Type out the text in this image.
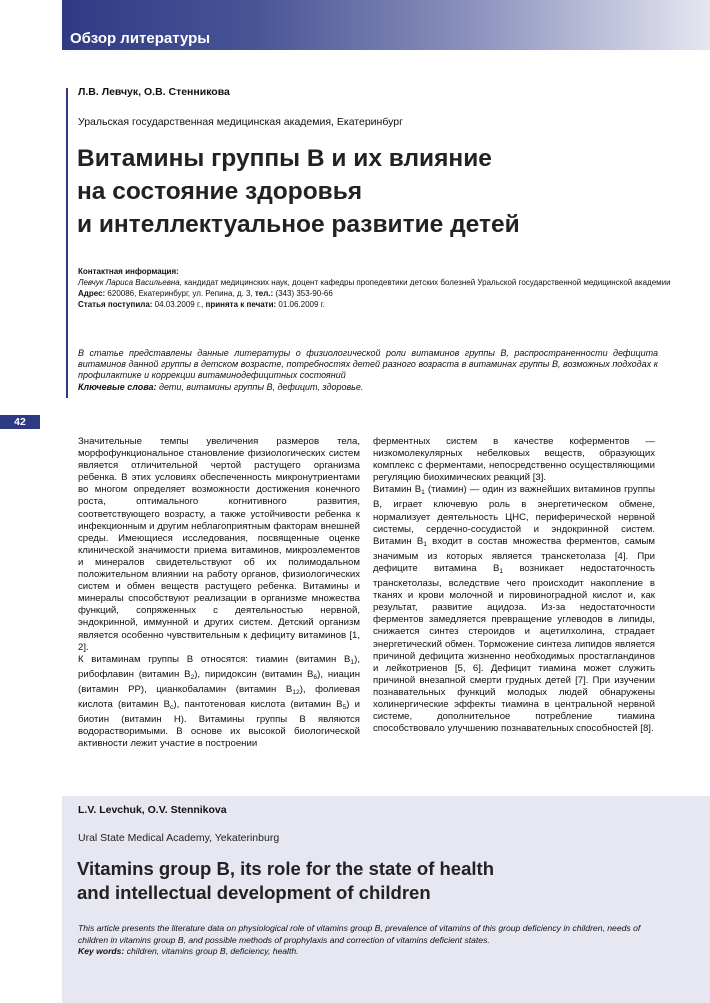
Обзор литературы
Л.В. Левчук, О.В. Стенникова
Уральская государственная медицинская академия, Екатеринбург
Витамины группы В и их влияние
на состояние здоровья
и интеллектуальное развитие детей
Контактная информация:
Левчук Лариса Васильевна, кандидат медицинских наук, доцент кафедры пропедевтики детских болезней Уральской государственной медицинской академии
Адрес: 620086, Екатеринбург, ул. Репина, д. 3, тел.: (343) 353-90-66
Статья поступила: 04.03.2009 г., принята к печати: 01.06.2009 г.
В статье представлены данные литературы о физиологической роли витаминов группы В, распространенности дефицита витаминов данной группы в детском возрасте, потребностях детей разного возраста в витаминах группы В, возможных подходах к профилактике и коррекции витаминодефицитных состояний
Ключевые слова: дети, витамины группы В, дефицит, здоровье.
42

Значительные темпы увеличения размеров тела, морфофункциональное становление физиологических систем является отличительной чертой растущего организма ребенка. В этих условиях обеспеченность микронутриентами во многом определяет возможности достижения конечного роста, оптимального когнитивного развития, соответствующего возрасту, а также устойчивости ребенка к инфекционным и другим неблагоприятным факторам внешней среды. Имеющиеся исследования, посвященные оценке клинической значимости приема витаминов, микроэлементов и минералов свидетельствуют об их полимодальном положительном влиянии на работу органов, физиологических систем и обмен веществ растущего ребенка. Витамины и минералы способствуют реализации в организме множества функций, сопряженных с деятельностью нервной, эндокринной, иммунной и других систем. Детский организм является особенно чувствительным к дефициту витаминов [1, 2].

К витаминам группы В относятся: тиамин (витамин $B_1$), рибофлавин (витамин $B_2$), пиридоксин (витамин $B_6$), ниацин (витамин PP), цианкобаламин (витамин $B_{12}$), фолиевая кислота (витамин $B_c$), пантотеновая кислота (витамин $B_5$) и биотин (витамин H). Витамины группы В являются водорастворимыми. В основе их высокой биологической активности лежит участие в построении

ферментных систем в качестве коферментов — низкомолекулярных небелковых веществ, образующих комплекс с ферментами, непосредственно осуществляющими регуляцию биохимических реакций [3].

Витамин $B_1$ (тиамин) — один из важнейших витаминов группы В, играет ключевую роль в энергетическом обмене, нормализует деятельность ЦНС, периферической нервной системы, сердечно-сосудистой и эндокринной систем. Витамин $B_1$ входит в состав множества ферментов, самым значимым из которых является транскетолаза [4]. При дефиците витамина $B_1$ возникает недостаточность транскетолазы, вследствие чего происходит накопление в тканях и крови молочной и пировиноградной кислот и, как результат, развитие ацидоза. Из-за недостаточности ферментов замедляется превращение углеводов в липиды, снижается синтез стероидов и ацетилхолина, страдает энергетический обмен. Торможение синтеза липидов является причиной дефицита жизненно необходимых простагландинов и лейкотриенов [5, 6]. Дефицит тиамина может служить причиной внезапной смерти грудных детей [7]. При изучении познавательных функций молодых людей обнаружены холинергические эффекты тиамина в центральной нервной системе, дополнительное потребление тиамина способствовало улучшению познавательных способностей [8].

L.V. Levchuk, O.V. Stennikova
Ural State Medical Academy, Yekaterinburg
Vitamins group B, its role for the state of health
and intellectual development of children
This article presents the literature data on physiological role of vitamins group B, prevalence of vitamins of this group deficiency in children, needs of children in vitamins group B, and possible methods of prophylaxis and correction of vitamins deficient states.
Key words: children, vitamins group B, deficiency, health.
